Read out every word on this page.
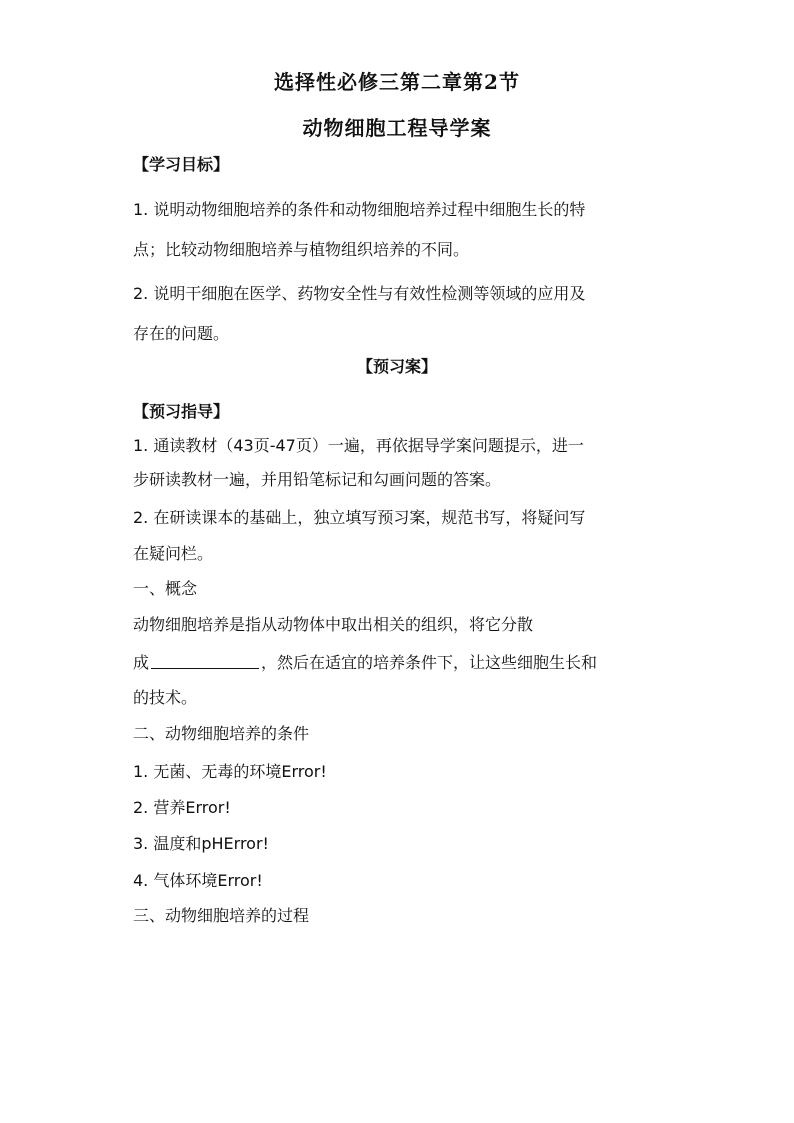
选择性必修三第二章第2节
动物细胞工程导学案
【学习目标】
1. 说明动物细胞培养的条件和动物细胞培养过程中细胞生长的特
点；比较动物细胞培养与植物组织培养的不同。
2. 说明干细胞在医学、药物安全性与有效性检测等领域的应用及
存在的问题。
【预习案】
【预习指导】
1. 通读教材（43页-47页）一遍，再依据导学案问题提示，进一
步研读教材一遍，并用铅笔标记和勾画问题的答案。
2. 在研读课本的基础上，独立填写预习案，规范书写，将疑问写
在疑问栏。
一、概念
动物细胞培养是指从动物体中取出相关的组织，将它分散
成	，然后在适宜的培养条件下，让这些细胞生长和
的技术。
二、动物细胞培养的条件
1. 无菌、无毒的环境Error!
2. 营养Error!
3. 温度和pHError!
4. 气体环境Error!
三、动物细胞培养的过程
